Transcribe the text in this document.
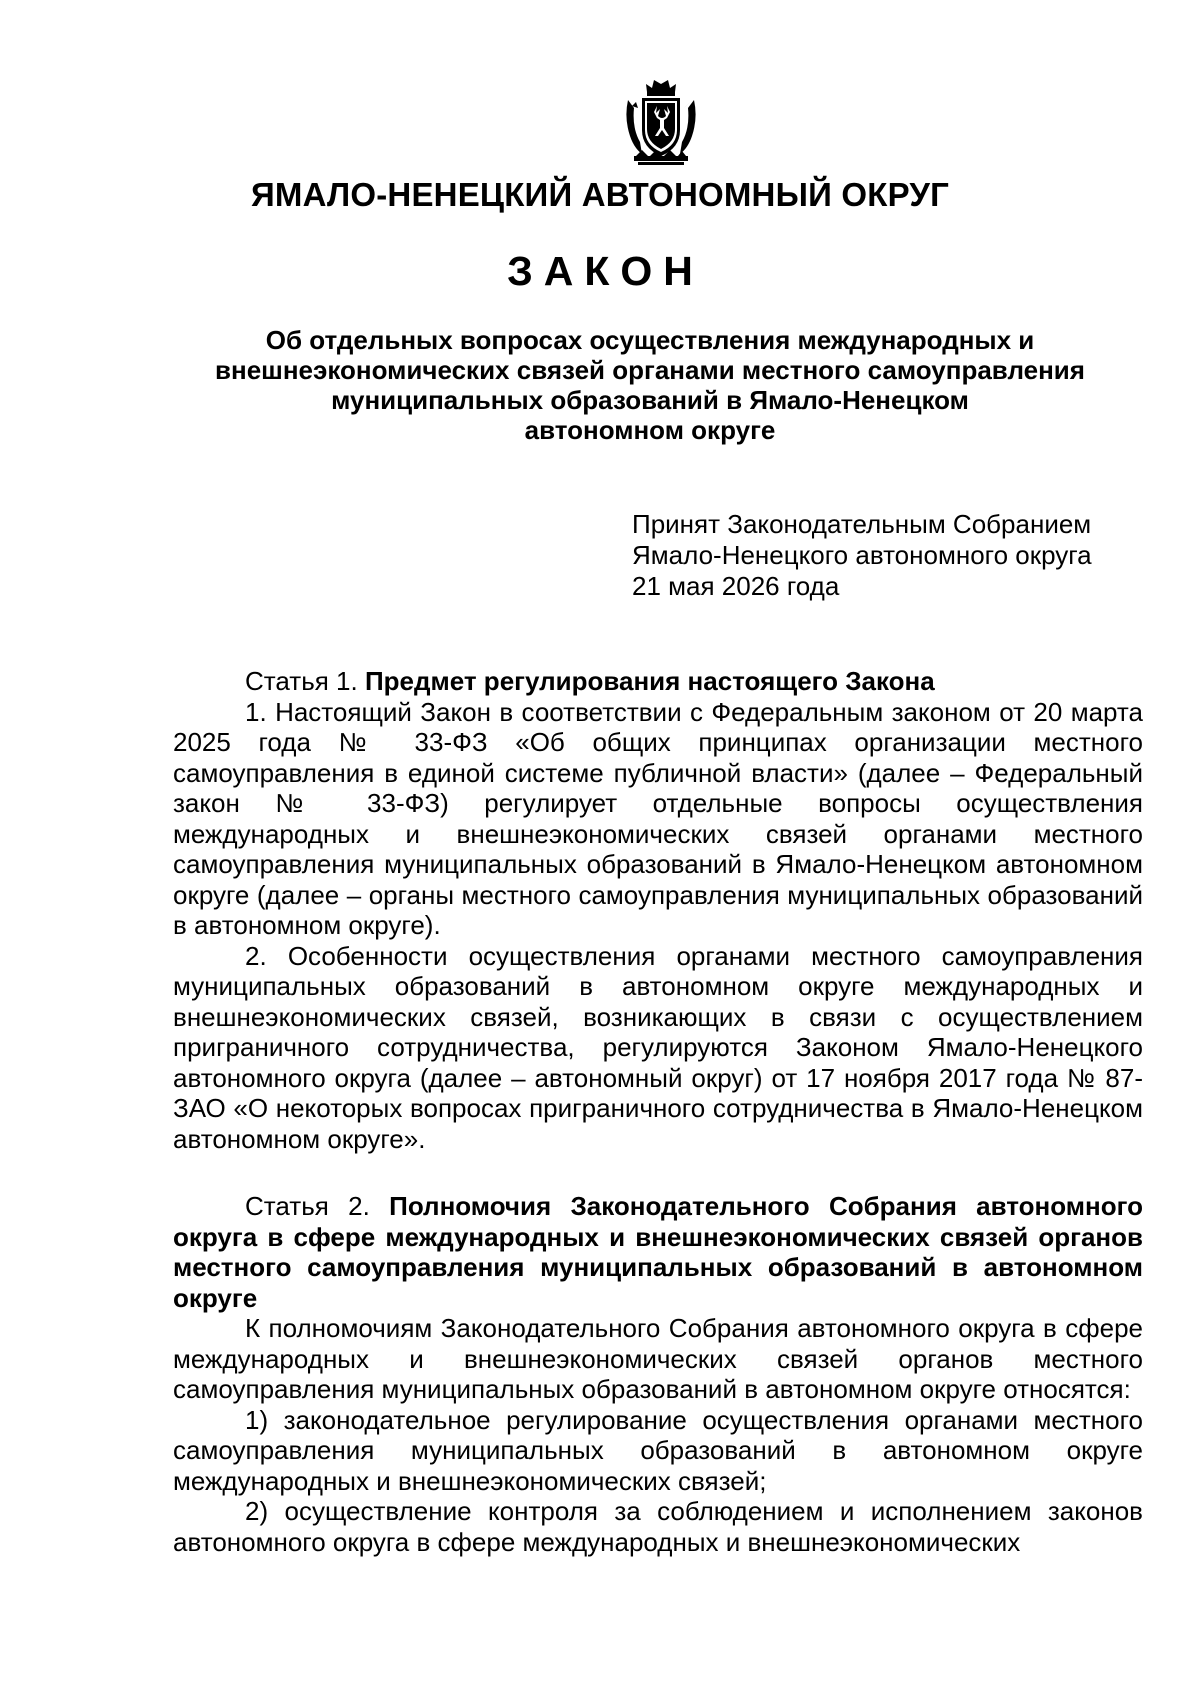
ЯМАЛО-НЕНЕЦКИЙ АВТОНОМНЫЙ ОКРУГ
ЗАКОН
Об отдельных вопросах осуществления международных и
внешнеэкономических связей органами местного самоуправления
муниципальных образований в Ямало-Ненецком
автономном округе
Принят Законодательным Собранием
Ямало-Ненецкого автономного округа
21 мая 2026 года
Статья 1. Предмет регулирования настоящего Закона

1. Настоящий Закон в соответствии с Федеральным законом от 20 марта 2025 года № 33-ФЗ «Об общих принципах организации местного самоуправления в единой системе публичной власти» (далее – Федеральный закон № 33-ФЗ) регулирует отдельные вопросы осуществления международных и внешнеэкономических связей органами местного самоуправления муниципальных образований в Ямало-Ненецком автономном округе (далее – органы местного самоуправления муниципальных образований в автономном округе).

2. Особенности осуществления органами местного самоуправления муниципальных образований в автономном округе международных и внешнеэкономических связей, возникающих в связи с осуществлением приграничного сотрудничества, регулируются Законом Ямало-Ненецкого автономного округа (далее – автономный округ) от 17 ноября 2017 года № 87-ЗАО «О некоторых вопросах приграничного сотрудничества в Ямало-Ненецком автономном округе».

Статья 2. Полномочия Законодательного Собрания автономного округа в сфере международных и внешнеэкономических связей органов местного самоуправления муниципальных образований в автономном округе

К полномочиям Законодательного Собрания автономного округа в сфере международных и внешнеэкономических связей органов местного самоуправления муниципальных образований в автономном округе относятся:

1) законодательное регулирование осуществления органами местного самоуправления муниципальных образований в автономном округе международных и внешнеэкономических связей;

2) осуществление контроля за соблюдением и исполнением законов автономного округа в сфере международных и внешнеэкономических
